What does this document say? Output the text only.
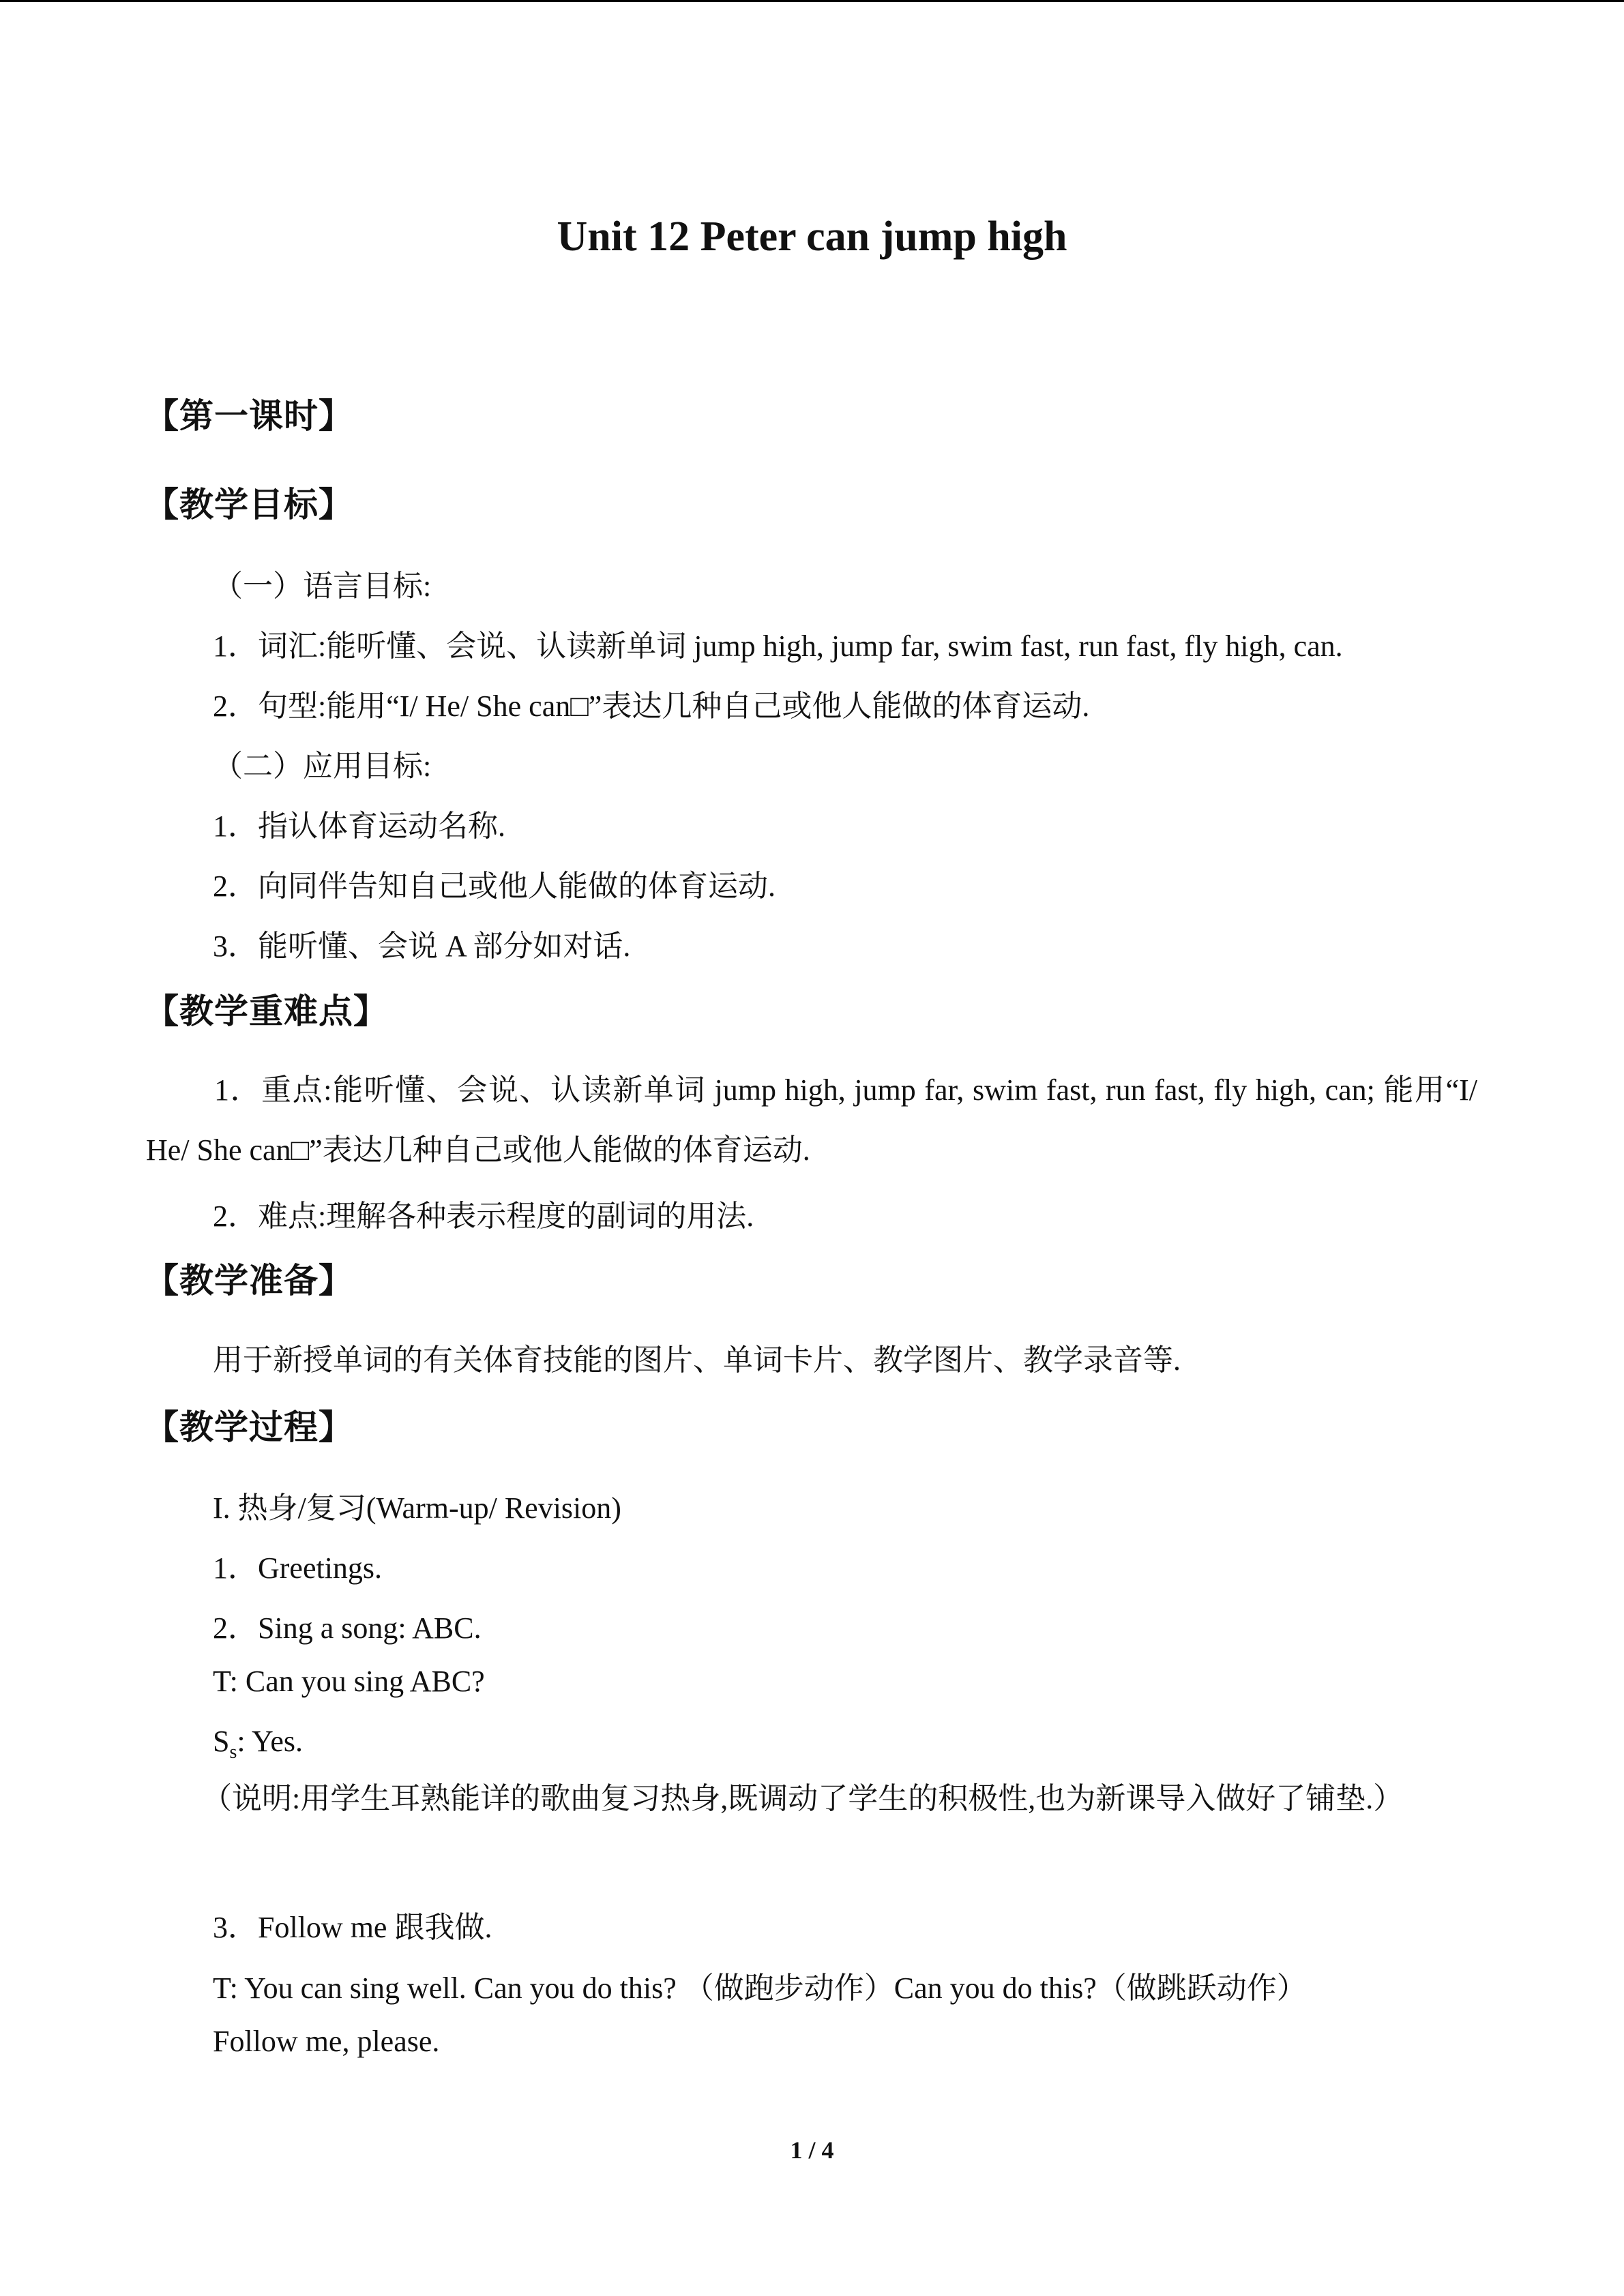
Unit 12 Peter can jump high
【第一课时】
【教学目标】

（一）语言目标:

1．词汇:能听懂、会说、认读新单词 jump high, jump far, swim fast, run fast, fly high, can.

2．句型:能用“I/ He/ She can□”表达几种自己或他人能做的体育运动.

（二）应用目标:

1．指认体育运动名称.

2．向同伴告知自己或他人能做的体育运动.

3．能听懂、会说 A 部分如对话.

【教学重难点】

1．重点:能听懂、会说、认读新单词 jump high, jump far, swim fast, run fast, fly high, can; 能用“I/ He/ She can□”表达几种自己或他人能做的体育运动.

2．难点:理解各种表示程度的副词的用法.

【教学准备】

用于新授单词的有关体育技能的图片、单词卡片、教学图片、教学录音等.

【教学过程】

I. 热身/复习(Warm-up/ Revision)

1．Greetings.

2．Sing a song: ABC.

T: Can you sing ABC?

$S_s$: Yes.

（说明:用学生耳熟能详的歌曲复习热身,既调动了学生的积极性,也为新课导入做好了铺垫.）

3．Follow me 跟我做.

T: You can sing well. Can you do this? （做跑步动作）Can you do this?（做跳跃动作）

Follow me, please.

1 / 4
